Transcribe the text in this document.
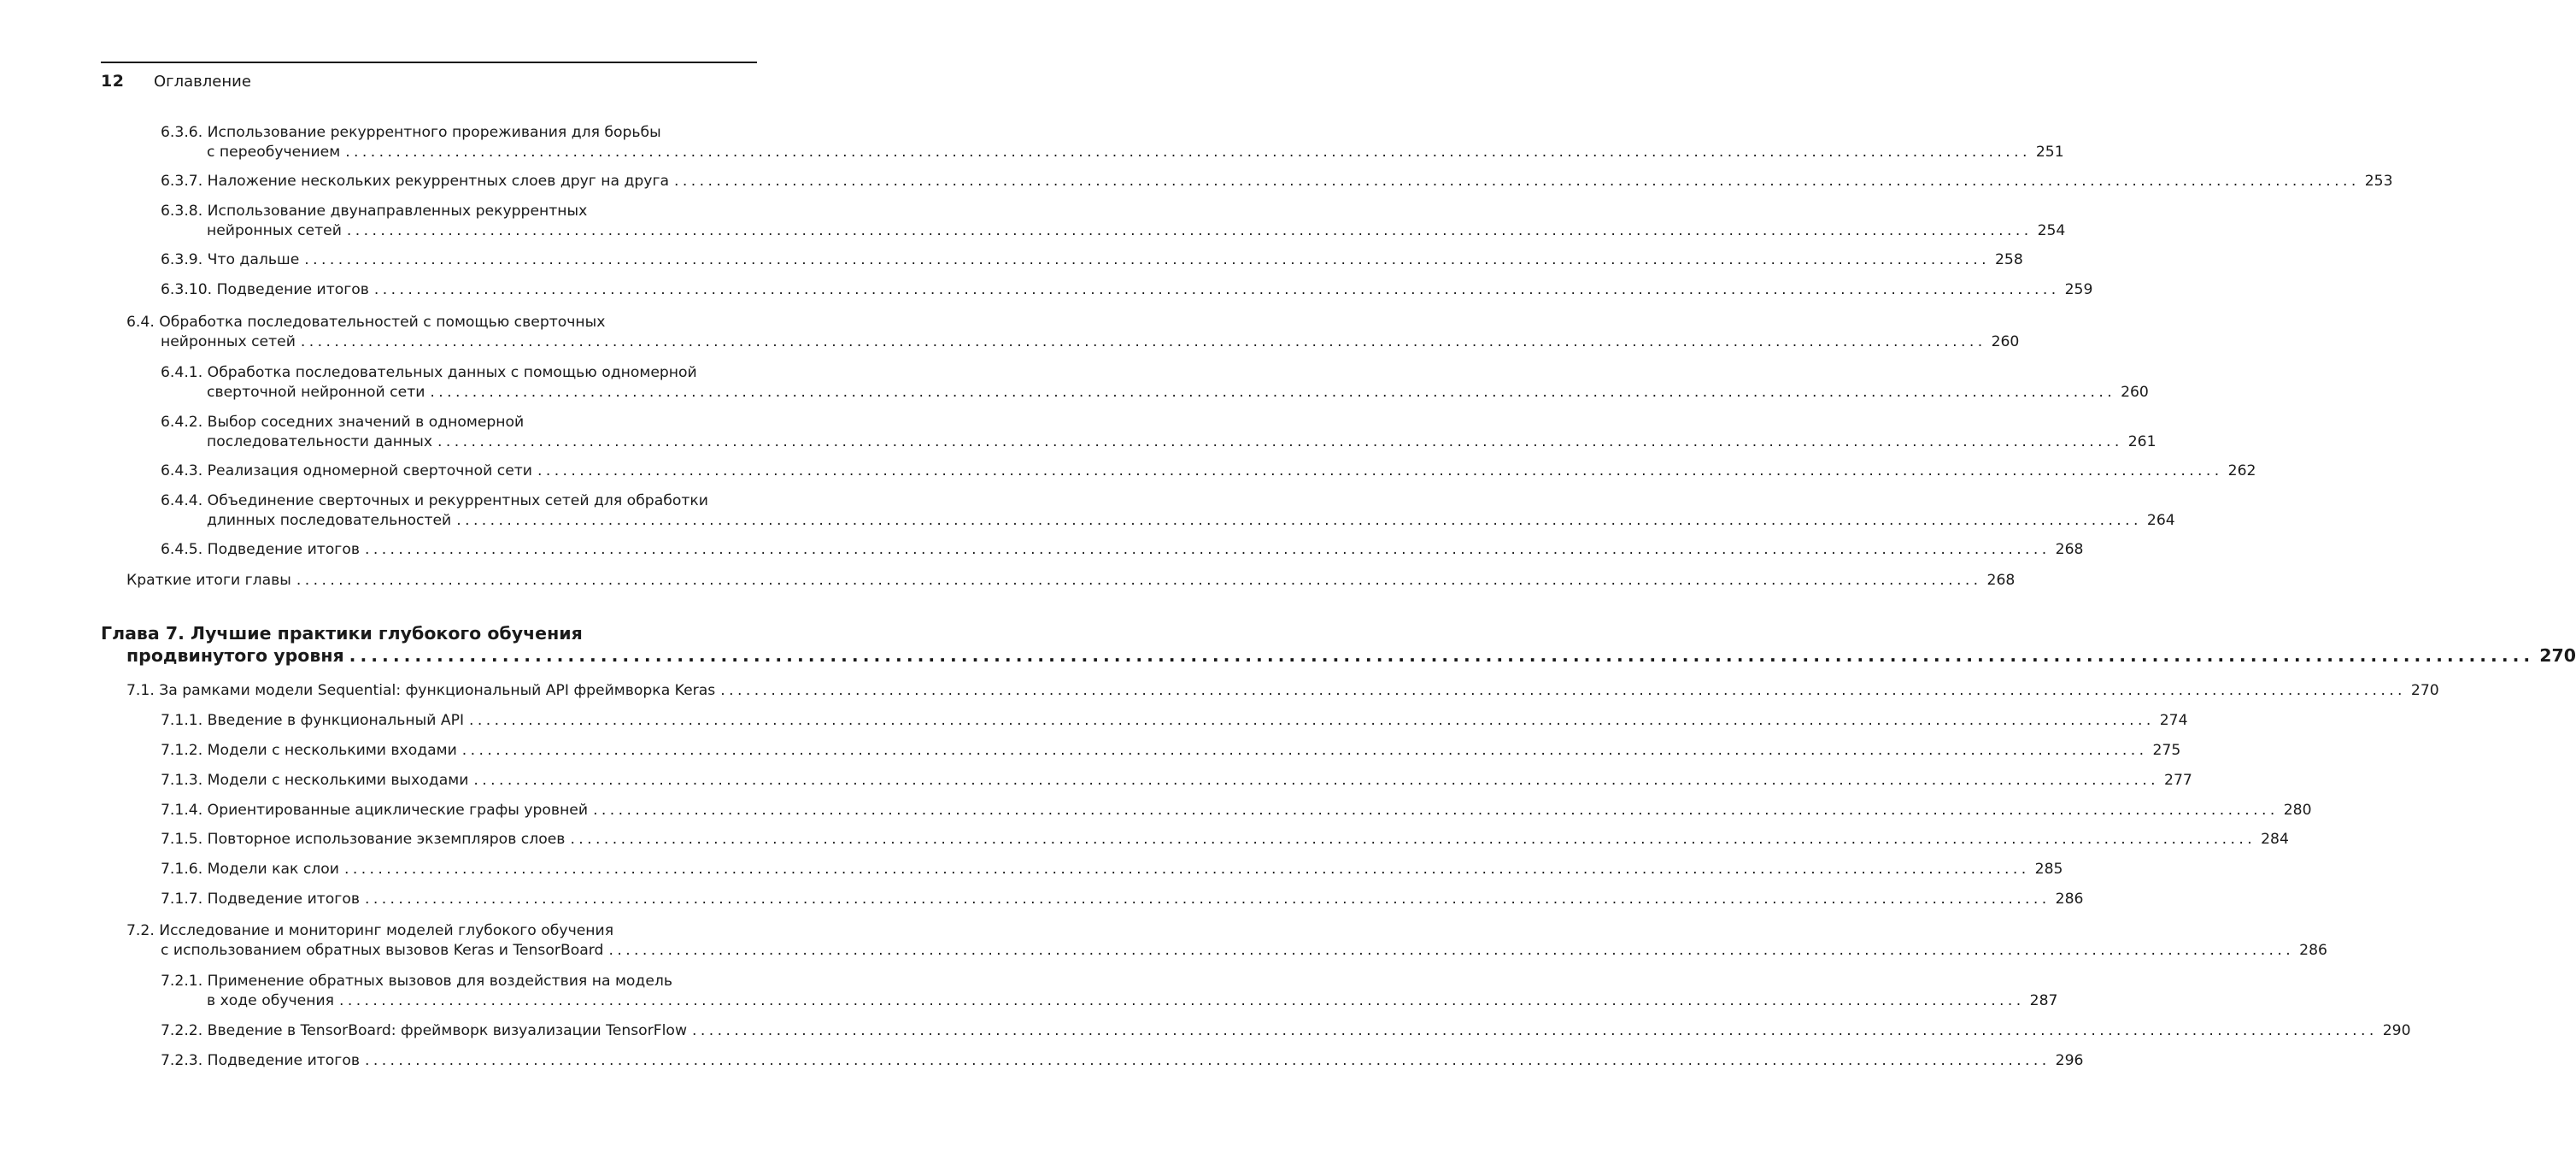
12 Оглавление
6.3.6. Использование рекуррентного прореживания для борьбы
с переобучением ........................................................................................................................................................................................................ 251
6.3.7. Наложение нескольких рекуррентных слоев друг на друга ........................................................................................................................................................................................................ 253
6.3.8. Использование двунаправленных рекуррентных
нейронных сетей ........................................................................................................................................................................................................ 254
6.3.9. Что дальше ........................................................................................................................................................................................................ 258
6.3.10. Подведение итогов ........................................................................................................................................................................................................ 259
6.4. Обработка последовательностей с помощью сверточных
нейронных сетей ........................................................................................................................................................................................................ 260
6.4.1. Обработка последовательных данных с помощью одномерной
сверточной нейронной сети ........................................................................................................................................................................................................ 260
6.4.2. Выбор соседних значений в одномерной
последовательности данных ........................................................................................................................................................................................................ 261
6.4.3. Реализация одномерной сверточной сети ........................................................................................................................................................................................................ 262
6.4.4. Объединение сверточных и рекуррентных сетей для обработки
длинных последовательностей ........................................................................................................................................................................................................ 264
6.4.5. Подведение итогов ........................................................................................................................................................................................................ 268
Краткие итоги главы ........................................................................................................................................................................................................ 268
Глава 7. Лучшие практики глубокого обучения
продвинутого уровня ........................................................................................................................................................................................................ 270
7.1. За рамками модели Sequential: функциональный API фреймворка Keras ........................................................................................................................................................................................................ 270
7.1.1. Введение в функциональный API ........................................................................................................................................................................................................ 274
7.1.2. Модели с несколькими входами ........................................................................................................................................................................................................ 275
7.1.3. Модели с несколькими выходами ........................................................................................................................................................................................................ 277
7.1.4. Ориентированные ациклические графы уровней ........................................................................................................................................................................................................ 280
7.1.5. Повторное использование экземпляров слоев ........................................................................................................................................................................................................ 284
7.1.6. Модели как слои ........................................................................................................................................................................................................ 285
7.1.7. Подведение итогов ........................................................................................................................................................................................................ 286
7.2. Исследование и мониторинг моделей глубокого обучения
с использованием обратных вызовов Keras и TensorBoard ........................................................................................................................................................................................................ 286
7.2.1. Применение обратных вызовов для воздействия на модель
в ходе обучения ........................................................................................................................................................................................................ 287
7.2.2. Введение в TensorBoard: фреймворк визуализации TensorFlow ........................................................................................................................................................................................................ 290
7.2.3. Подведение итогов ........................................................................................................................................................................................................ 296
